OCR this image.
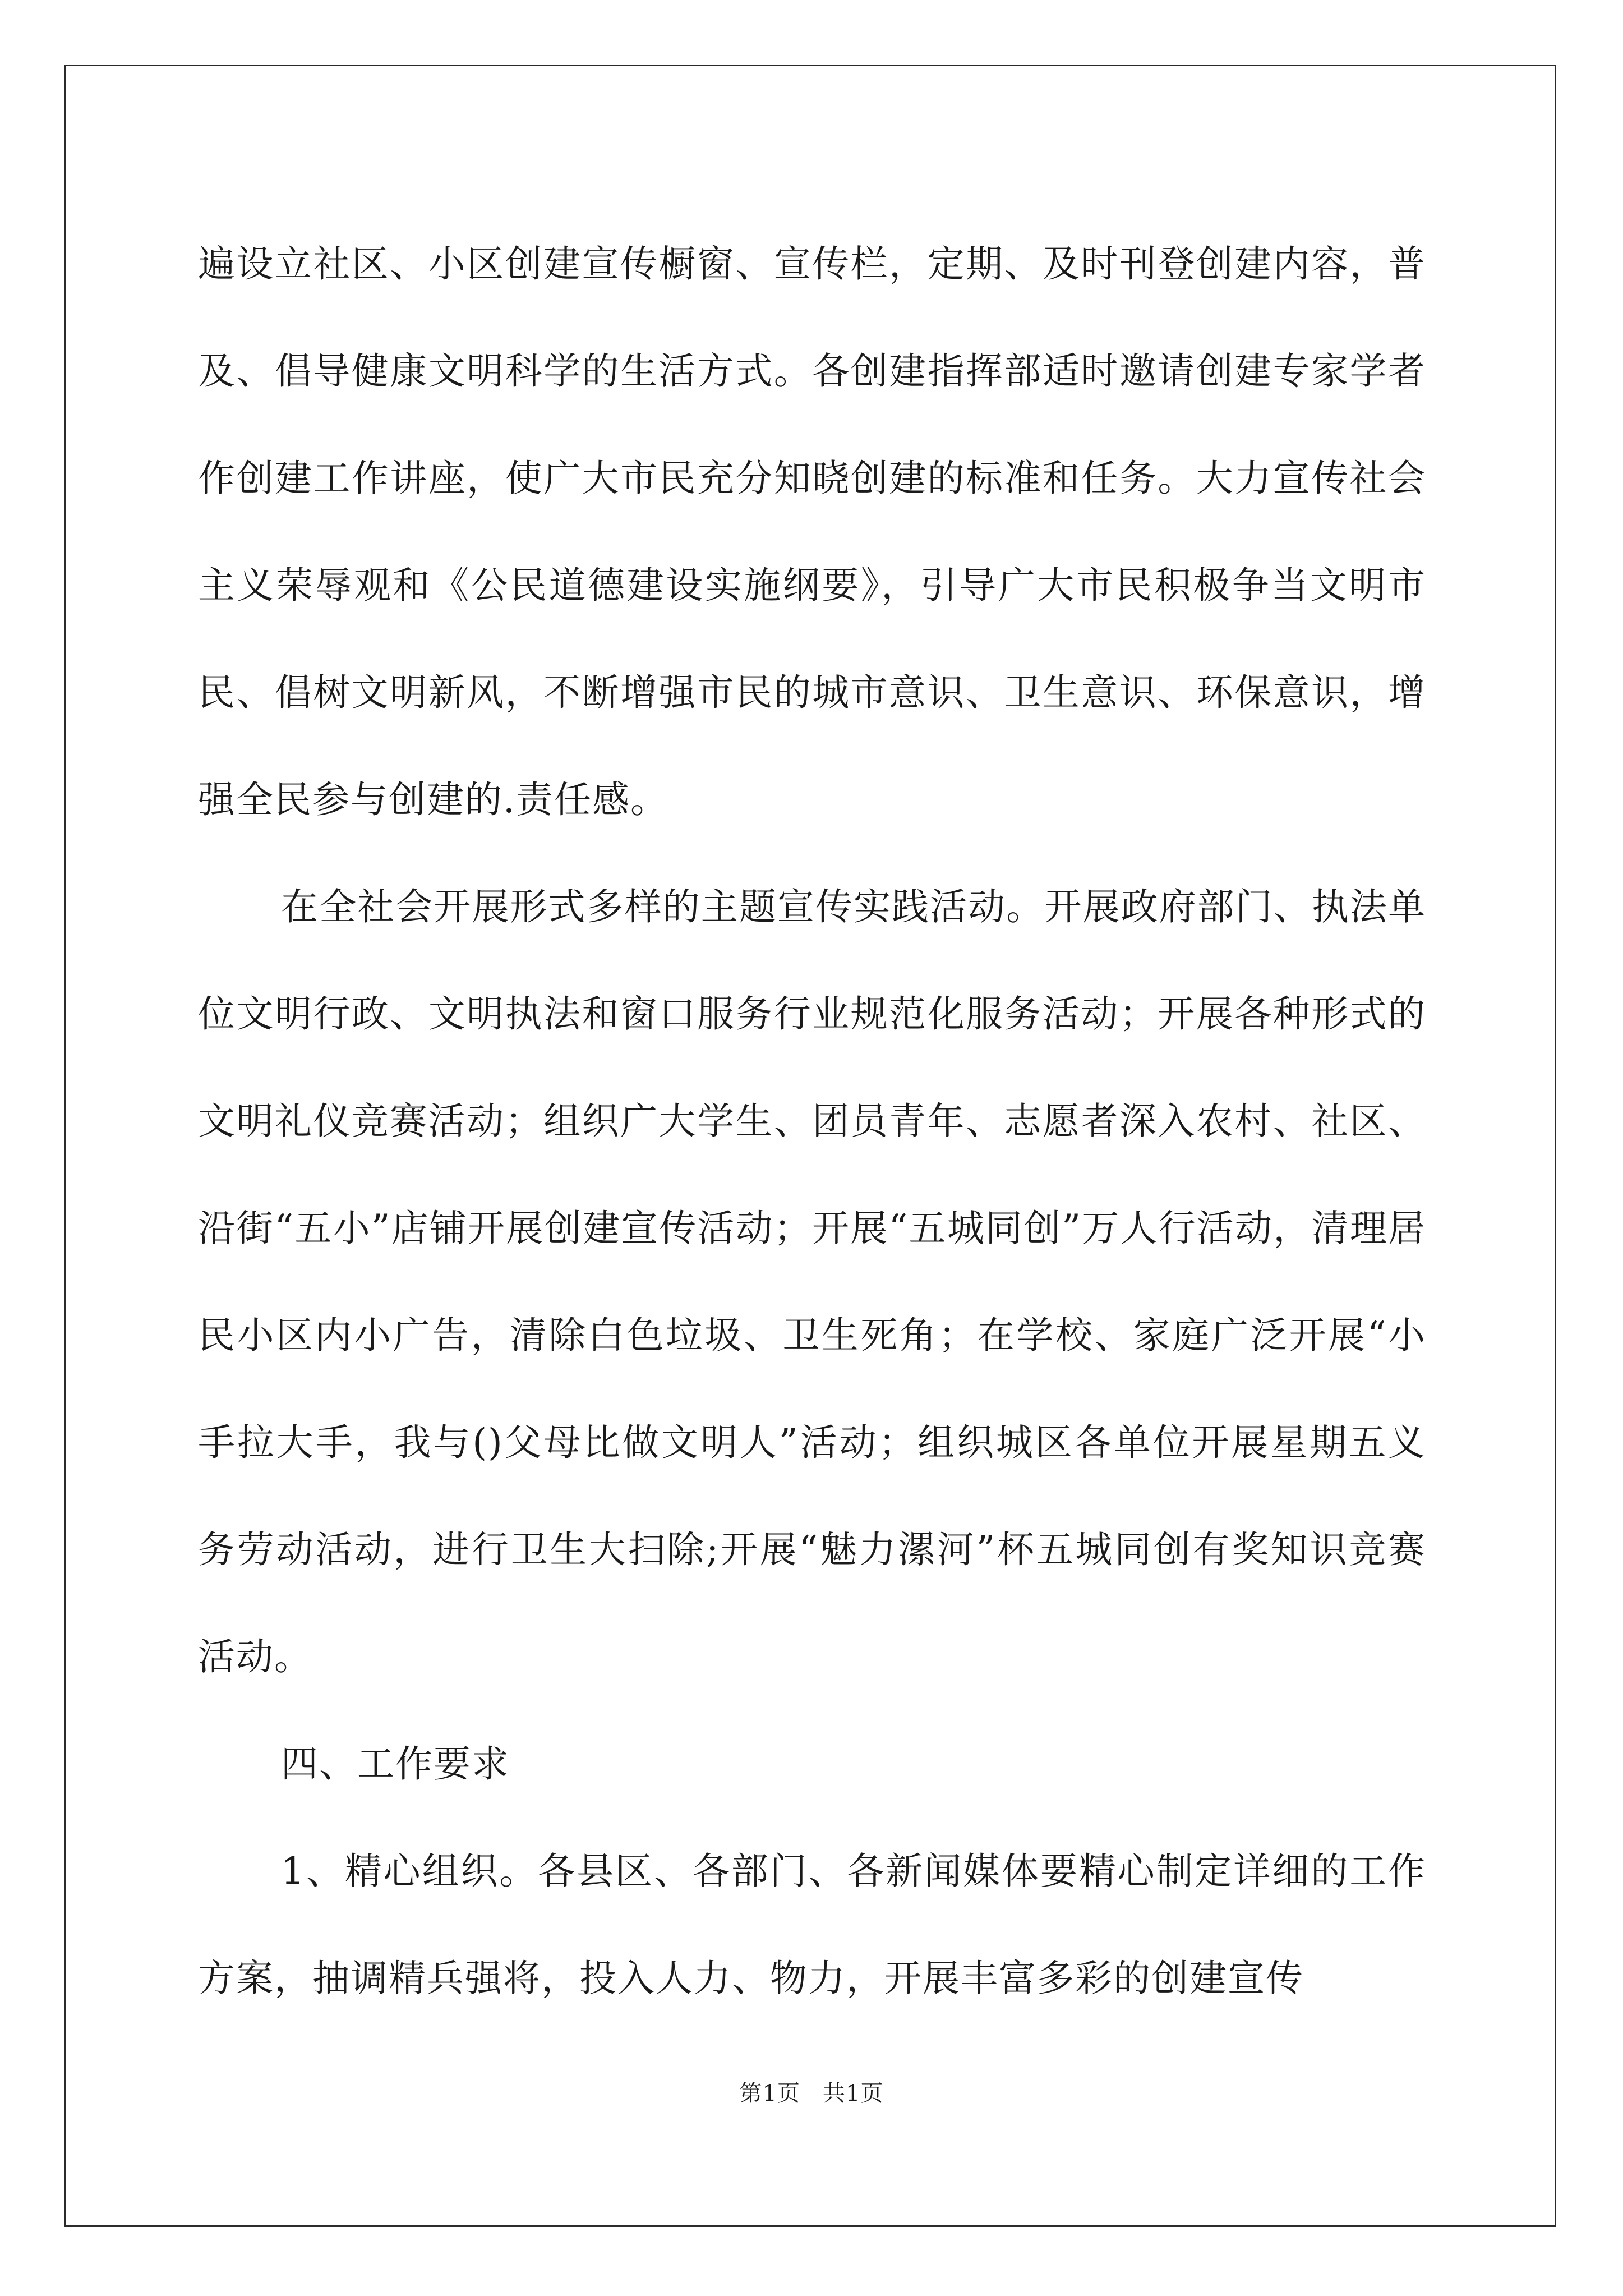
遍设立社区、小区创建宣传橱窗、宣传栏，定期、及时刊登创建内容，普及、倡导健康文明科学的生活方式。各创建指挥部适时邀请创建专家学者作创建工作讲座，使广大市民充分知晓创建的标准和任务。大力宣传社会主义荣辱观和《公民道德建设实施纲要》，引导广大市民积极争当文明市民、倡树文明新风，不断增强市民的城市意识、卫生意识、环保意识，增强全民参与创建的.责任感。

在全社会开展形式多样的主题宣传实践活动。开展政府部门、执法单位文明行政、文明执法和窗口服务行业规范化服务活动；开展各种形式的文明礼仪竞赛活动；组织广大学生、团员青年、志愿者深入农村、社区、沿街“五小”店铺开展创建宣传活动；开展“五城同创”万人行活动，清理居民小区内小广告，清除白色垃圾、卫生死角；在学校、家庭广泛开展“小手拉大手，我与()父母比做文明人”活动；组织城区各单位开展星期五义务劳动活动，进行卫生大扫除;开展“魅力漯河”杯五城同创有奖知识竞赛活动。

四、工作要求

1、精心组织。各县区、各部门、各新闻媒体要精心制定详细的工作方案，抽调精兵强将，投入人力、物力，开展丰富多彩的创建宣传

第1页 共1页
